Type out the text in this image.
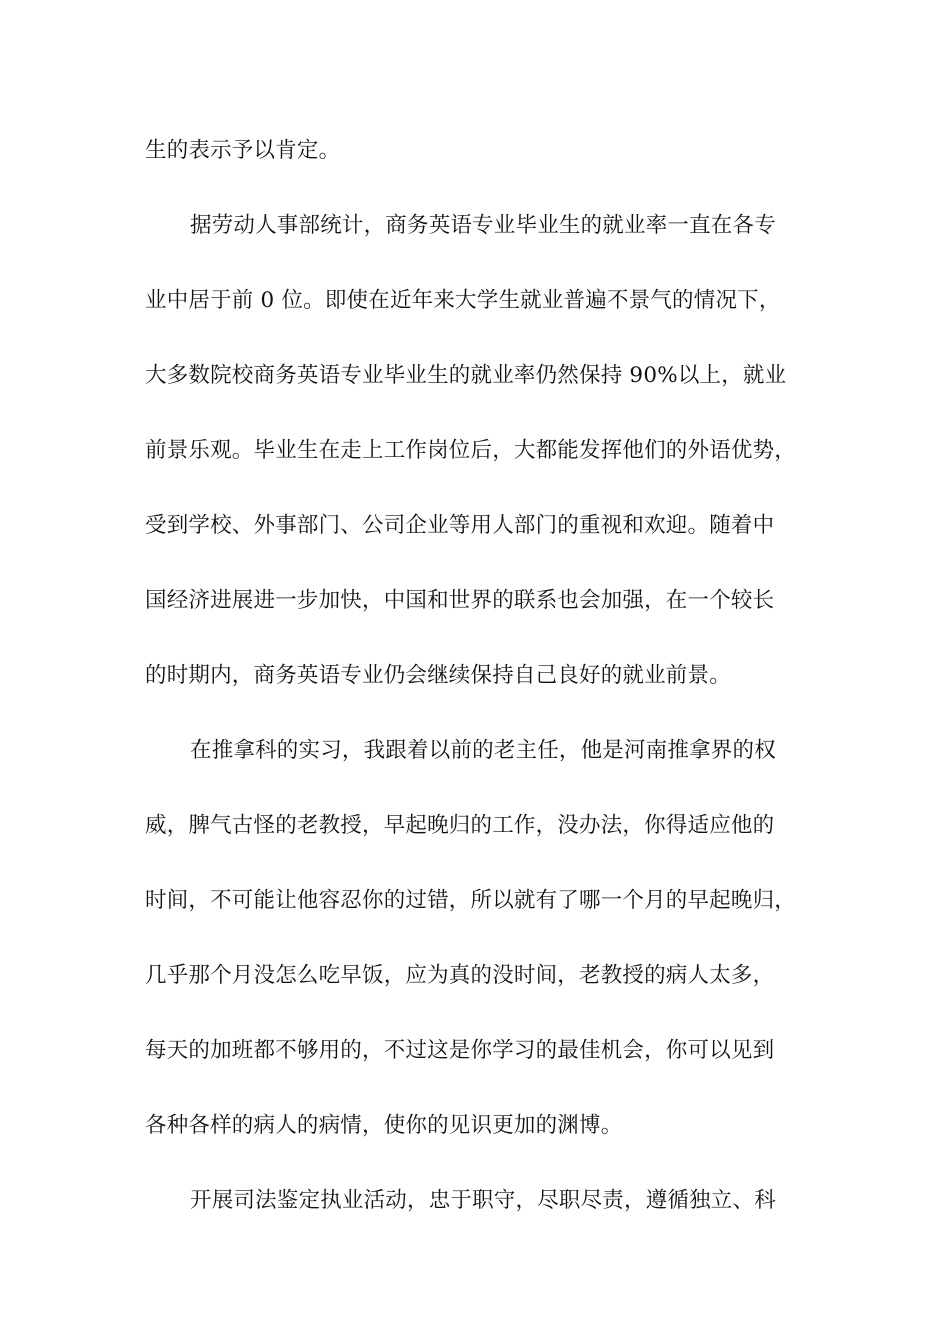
生的表示予以肯定。
据劳动人事部统计，商务英语专业毕业生的就业率一直在各专
业中居于前 0 位。即使在近年来大学生就业普遍不景气的情况下，
大多数院校商务英语专业毕业生的就业率仍然保持 90%以上，就业
前景乐观。毕业生在走上工作岗位后，大都能发挥他们的外语优势，
受到学校、外事部门、公司企业等用人部门的重视和欢迎。随着中
国经济进展进一步加快，中国和世界的联系也会加强，在一个较长
的时期内，商务英语专业仍会继续保持自己良好的就业前景。
在推拿科的实习，我跟着以前的老主任，他是河南推拿界的权
威，脾气古怪的老教授，早起晚归的工作，没办法，你得适应他的
时间，不可能让他容忍你的过错，所以就有了哪一个月的早起晚归，
几乎那个月没怎么吃早饭，应为真的没时间，老教授的病人太多，
每天的加班都不够用的，不过这是你学习的最佳机会，你可以见到
各种各样的病人的病情，使你的见识更加的渊博。
开展司法鉴定执业活动，忠于职守，尽职尽责，遵循独立、科
